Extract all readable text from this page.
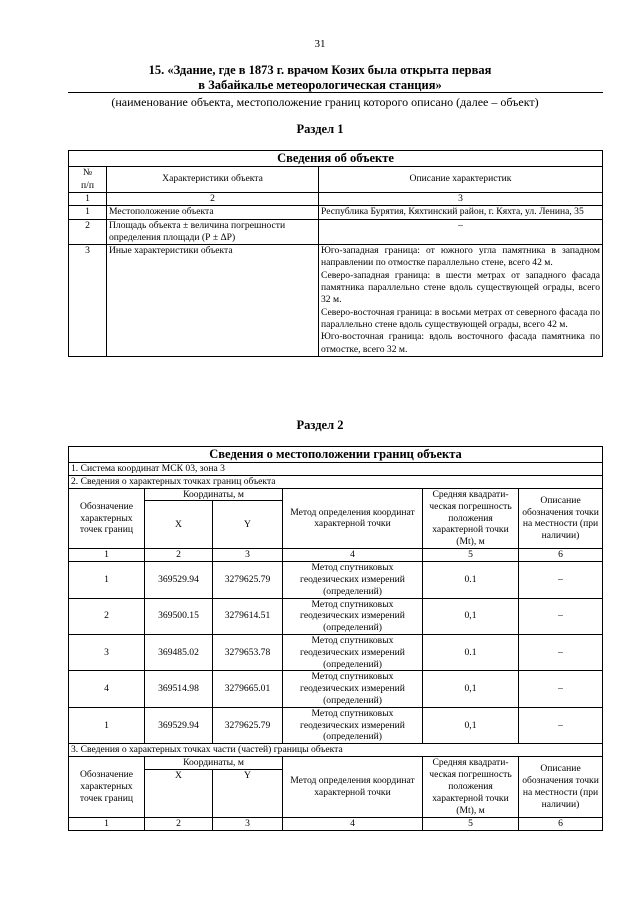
31
15. «Здание, где в 1873 г. врачом Козих была открыта первая
в Забайкалье метеорологическая станция»
(наименование объекта, местоположение границ которого описано (далее – объект)
Раздел 1
Сведения об объекте		

№
п/п	Характеристики объекта	Описание характеристик
1	2	3
1	Местоположение объекта	Республика Бурятия, Кяхтинский район, г. Кяхта, ул. Ленина, 35
2	Площадь объекта ± величина погрешности определения площади (Р ± ΔР)	–
3	Иные характеристики объекта	Юго-западная граница: от южного угла памятника в западном направлении по отмостке параллельно стене, всего 42 м.
Северо-западная граница: в шести метрах от западного фасада памятника параллельно стене вдоль существующей ограды, всего 32 м.
Северо-восточная граница: в восьми метрах от северного фасада по параллельно стене вдоль существующей ограды, всего 42 м.
Юго-восточная граница: вдоль восточного фасада памятника по отмостке, всего 32 м.
Раздел 2
Сведения о местоположении границ объекта					
1. Система координат МСК 03, зона 3					
2. Сведения о характерных точках границ объекта					
Обозначение характерных точек границ	Координаты, м		Метод определения координат характерной точки	Средняя квадрати-ческая погрешность положения характерной точки (Мt), м	Описание обозначения точки на местности (при наличии)
	X	Y			
1	2	3	4	5	6
1	369529.94	3279625.79	Метод спутниковых геодезических измерений (определений)	0.1	–
2	369500.15	3279614.51	Метод спутниковых геодезических измерений (определений)	0,1	–
3	369485.02	3279653.78	Метод спутниковых геодезических измерений (определений)	0.1	–
4	369514.98	3279665.01	Метод спутниковых геодезических измерений (определений)	0,1	–
1	369529.94	3279625.79	Метод спутниковых геодезических измерений (определений)	0,1	–
3. Сведения о характерных точках части (частей) границы объекта					
Обозначение характерных точек границ	Координаты, м		Метод определения координат характерной точки	Средняя квадрати-ческая погрешность положения характерной точки (Мt), м	Описание обозначения точки на местности (при наличии)
	X	Y			
1	2	3	4	5	6
